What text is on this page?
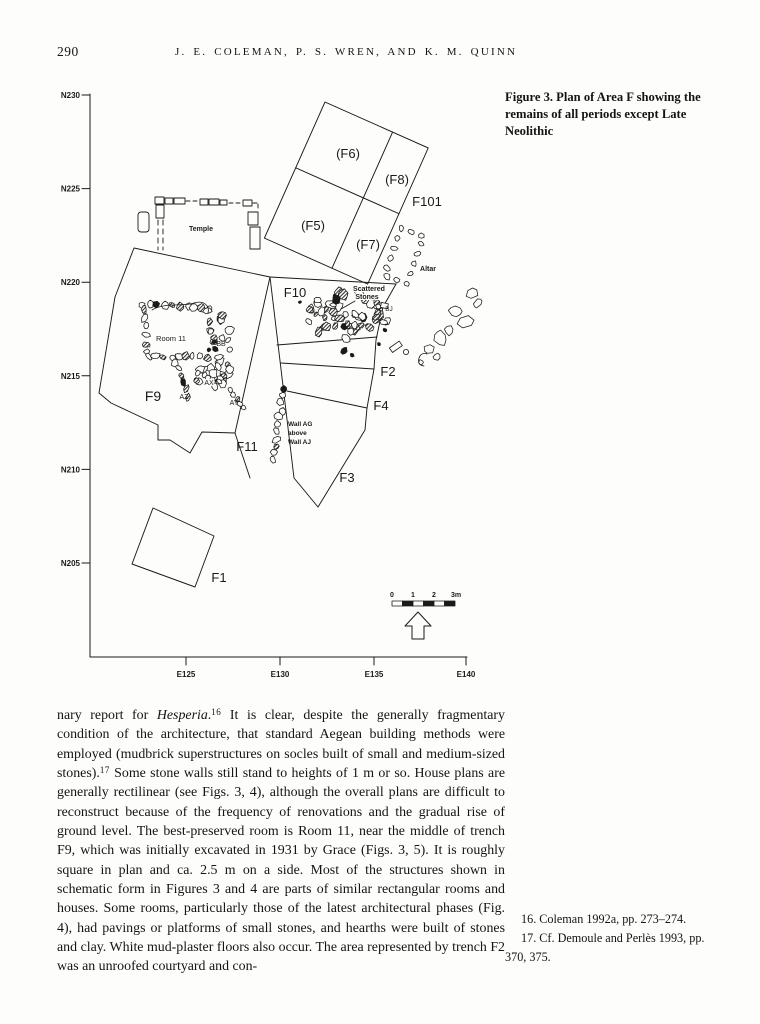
290	J. E. COLEMAN, P. S. WREN, AND K. M. QUINN
Figure 3. Plan of Area F showing the remains of all periods except Late Neolithic
N230
N225
N220
N215
N210
N205
E125	E130	E135	E140
(F6)
(F8)
F101
(F5)
(F7)
F10
F2
F4
F3
F11
F9
F1
Temple
Altar
Scattered
Stones
Room 11
BB
AX
AZ
AY
BJ
Wall AG
above
Wall AJ
0 1 2 3m

nary report for Hesperia.$^{16}$ It is clear, despite the generally fragmentary condition of the architecture, that standard Aegean building methods were employed (mudbrick superstructures on socles built of small and medium-sized stones).$^{17}$ Some stone walls still stand to heights of 1 m or so. House plans are generally rectilinear (see Figs. 3, 4), although the overall plans are difficult to reconstruct because of the frequency of renovations and the gradual rise of ground level. The best-preserved room is Room 11, near the middle of trench F9, which was initially excavated in 1931 by Grace (Figs. 3, 5). It is roughly square in plan and ca. 2.5 m on a side. Most of the structures shown in schematic form in Figures 3 and 4 are parts of similar rectangular rooms and houses. Some rooms, particularly those of the latest architectural phases (Fig. 4), had pavings or platforms of small stones, and hearths were built of stones and clay. White mud-plaster floors also occur. The area represented by trench F2 was an unroofed courtyard and con-

16. Coleman 1992a, pp. 273–274.

17. Cf. Demoule and Perlès 1993, pp. 370, 375.
